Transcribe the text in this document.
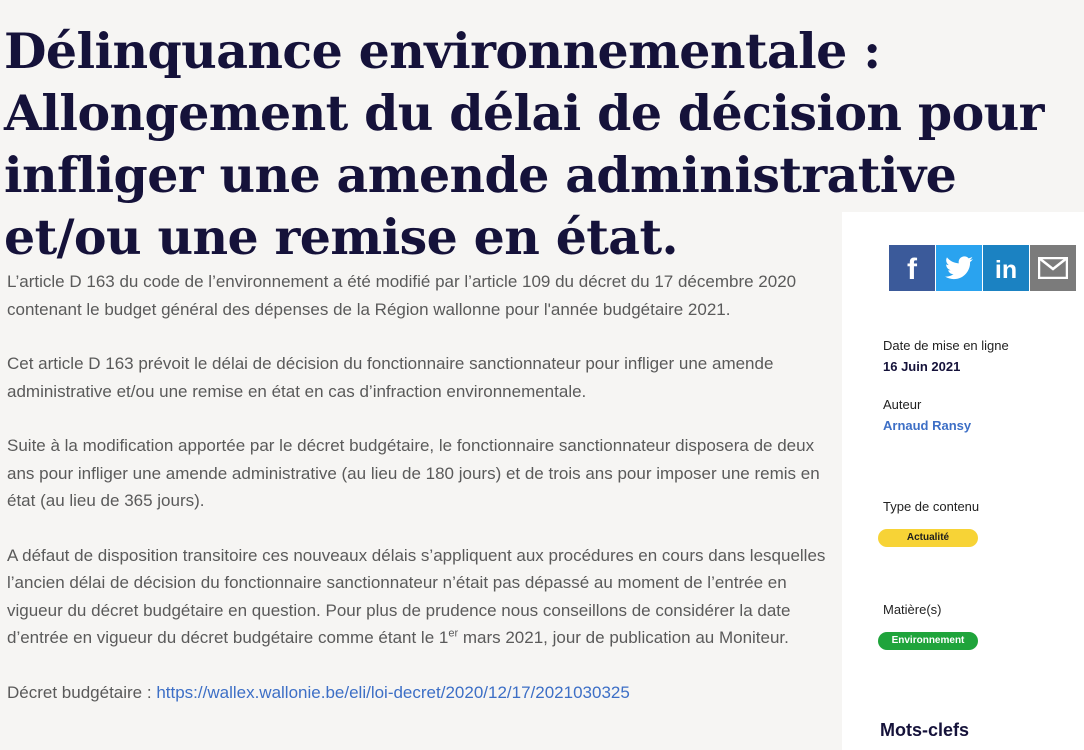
Délinquance environnementale : Allongement du délai de décision pour infliger une amende administrative et/ou une remise en état.

L’article D 163 du code de l’environnement a été modifié par l’article 109 du décret du 17 décembre 2020 contenant le budget général des dépenses de la Région wallonne pour l'année budgétaire 2021.

Cet article D 163 prévoit le délai de décision du fonctionnaire sanctionnateur pour infliger une amende administrative et/ou une remise en état en cas d’infraction environnementale.

Suite à la modification apportée par le décret budgétaire, le fonctionnaire sanctionnateur disposera de deux ans pour infliger une amende administrative (au lieu de 180 jours) et de trois ans pour imposer une remis en état (au lieu de 365 jours).

A défaut de disposition transitoire ces nouveaux délais s’appliquent aux procédures en cours dans lesquelles l’ancien délai de décision du fonctionnaire sanctionnateur n’était pas dépassé au moment de l’entrée en vigueur du décret budgétaire en question. Pour plus de prudence nous conseillons de considérer la date d’entrée en vigueur du décret budgétaire comme étant le 1er mars 2021, jour de publication au Moniteur.

Décret budgétaire : https://wallex.wallonie.be/eli/loi-decret/2020/12/17/2021030325

f	in
Date de mise en ligne
16 Juin 2021
Auteur
Arnaud Ransy
Type de contenu
Actualité
Matière(s)
Environnement
Mots-clefs
